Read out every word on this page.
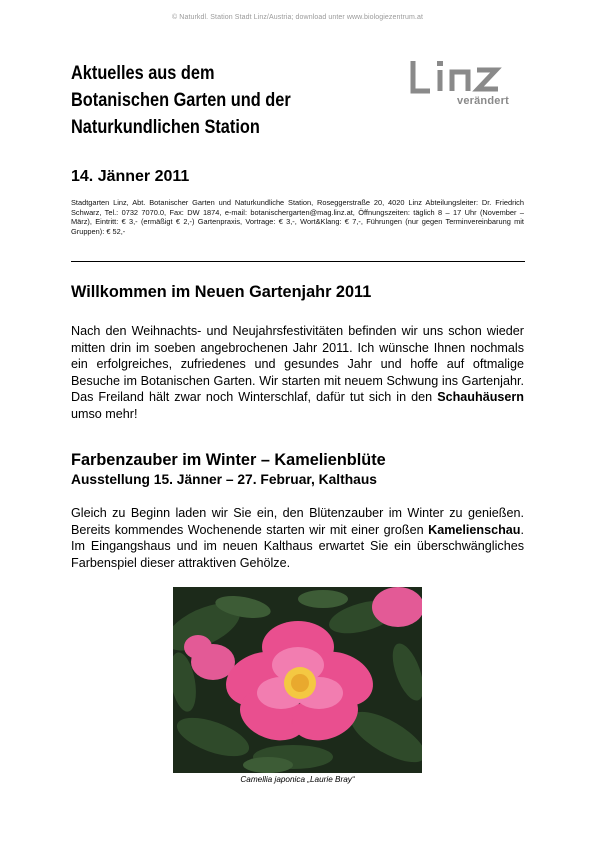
© Naturkdl. Station Stadt Linz/Austria; download unter www.biologiezentrum.at
Aktuelles aus dem
Botanischen Garten und der
Naturkundlichen Station
verändert
14. Jänner 2011
Stadtgarten Linz, Abt. Botanischer Garten und Naturkundliche Station, Roseggerstraße 20, 4020 Linz Abteilungsleiter: Dr. Friedrich Schwarz, Tel.: 0732 7070.0, Fax: DW 1874, e-mail: botanischergarten@mag.linz.at, Öffnungszeiten: täglich 8 – 17 Uhr (November – März), Eintritt: € 3,- (ermäßigt € 2,-) Gartenpraxis, Vortrage: € 3,-, Wort&Klang: € 7,-, Führungen (nur gegen Terminvereinbarung mit Gruppen): € 52,-
Willkommen im Neuen Gartenjahr 2011
Nach den Weihnachts- und Neujahrsfestivitäten befinden wir uns schon wieder mitten drin im soeben angebrochenen Jahr 2011. Ich wünsche Ihnen nochmals ein erfolgreiches, zufriedenes und gesundes Jahr und hoffe auf oftmalige Besuche im Botanischen Garten. Wir starten mit neuem Schwung ins Gartenjahr. Das Freiland hält zwar noch Winterschlaf, dafür tut sich in den Schauhäusern umso mehr!
Farbenzauber im Winter – Kamelienblüte
Ausstellung 15. Jänner – 27. Februar, Kalthaus
Gleich zu Beginn laden wir Sie ein, den Blütenzauber im Winter zu genießen. Bereits kommendes Wochenende starten wir mit einer großen Kamelienschau. Im Eingangshaus und im neuen Kalthaus erwartet Sie ein überschwängliches Farbenspiel dieser attraktiven Gehölze.
Camellia japonica „Laurie Bray“
